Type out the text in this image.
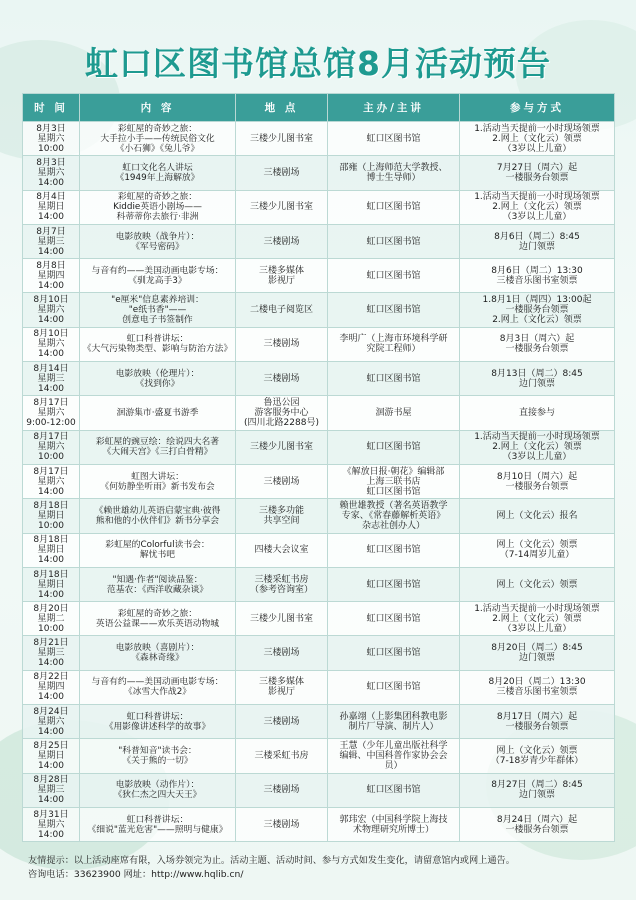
虹口区图书馆总馆8月活动预告
时 间	内 容	地 点	主办/主讲	参与方式
8月3日
星期六
10:00	彩虹屋的奇妙之旅：
大手拉小手——传统民俗文化
《小石狮》《兔儿爷》	三楼少儿图书室	虹口区图书馆	1.活动当天提前一小时现场领票
2.网上（文化云）领票
（3岁以上儿童）
8月3日
星期六
14:00	虹口文化名人讲坛
《1949年上海解放》	三楼剧场	邵雍（上海师范大学教授、
博士生导师）	7月27日（周六）起
一楼服务台领票
8月4日
星期日
14:00	彩虹屋的奇妙之旅：
Kiddie英语小剧场——
科蒂蒂你去旅行·非洲	三楼少儿图书室	虹口区图书馆	1.活动当天提前一小时现场领票
2.网上（文化云）领票
（3岁以上儿童）
8月7日
星期三
14:00	电影放映（战争片）：
《军号密码》	三楼剧场	虹口区图书馆	8月6日（周二）8:45
边门领票
8月8日
星期四
14:00	与音有约——美国动画电影专场：
《驯龙高手3》	三楼多媒体
影视厅	虹口区图书馆	8月6日（周二）13:30
三楼音乐图书室领票
8月10日
星期六
14:00	"e厘米"信息素养培训：
"e纸书香"——
创意电子书签制作	二楼电子阅览区	虹口区图书馆	1.8月1日（周四）13:00起
一楼服务台领票
2.网上（文化云）领票
8月10日
星期六
14:00	虹口科普讲坛：
《大气污染物类型、影响与防治方法》	三楼剧场	李明广（上海市环境科学研
究院工程师）	8月3日（周六）起
一楼服务台领票
8月14日
星期三
14:00	电影放映（伦理片）：
《找到你》	三楼剧场	虹口区图书馆	8月13日（周二）8:45
边门领票
8月17日
星期六
9:00-12:00	洄游集市·盛夏书游季	鲁迅公园
游客服务中心
(四川北路2288号)	洄游书屋	直接参与
8月17日
星期六
10:00	彩虹屋的豌豆绘：绘说四大名著
《大闹天宫》《三打白骨精》	三楼少儿图书室	虹口区图书馆	1.活动当天提前一小时现场领票
2.网上（文化云）领票
（3岁以上儿童）
8月17日
星期六
14:00	虹图大讲坛：
《何妨静坐听雨》新书发布会	三楼剧场	《解放日报·朝花》编辑部
上海三联书店
虹口区图书馆	8月10日（周六）起
一楼服务台领票
8月18日
星期日
10:00	《赖世雄幼儿英语启蒙宝典·彼得
熊和他的小伙伴们》新书分享会	三楼多功能
共享空间	赖世雄教授（著名英语教学
专家、《常春藤解析英语》
杂志社创办人）	网上（文化云）报名
8月18日
星期日
14:00	彩虹屋的Colorful读书会：
解忧书吧	四楼大会议室	虹口区图书馆	网上（文化云）领票
（7-14周岁儿童）
8月18日
星期日
14:00	"知遇·作者"阅读品鉴：
范基农：《西洋收藏杂谈》	三楼采虹书房
（参考咨询室）	虹口区图书馆	网上（文化云）领票
8月20日
星期二
10:00	彩虹屋的奇妙之旅：
英语公益课——欢乐英语动物城	三楼少儿图书室	虹口区图书馆	1.活动当天提前一小时现场领票
2.网上（文化云）领票
（3岁以上儿童）
8月21日
星期三
14:00	电影放映（喜剧片）：
《森林奇缘》	三楼剧场	虹口区图书馆	8月20日（周二）8:45
边门领票
8月22日
星期四
14:00	与音有约——美国动画电影专场：
《冰雪大作战2》	三楼多媒体
影视厅	虹口区图书馆	8月20日（周二）13:30
三楼音乐图书室领票
8月24日
星期六
14:00	虹口科普讲坛：
《用影像讲述科学的故事》	三楼剧场	孙嘉翊（上影集团科教电影
制片厂导演、制片人）	8月17日（周六）起
一楼服务台领票
8月25日
星期日
14:00	"科普知音"读书会：
《关于熊的一切》	三楼采虹书房	王慧（少年儿童出版社科学
编辑、中国科普作家协会会
员）	网上（文化云）领票
（7-18岁青少年群体）
8月28日
星期三
14:00	电影放映（动作片）：
《狄仁杰之四大天王》	三楼剧场	虹口区图书馆	8月27日（周二）8:45
边门领票
8月31日
星期六
14:00	虹口科普讲坛：
《细说"蓝光危害"——照明与健康》	三楼剧场	郭玮宏（中国科学院上海技
术物理研究所博士）	8月24日（周六）起
一楼服务台领票
友情提示：以上活动座席有限，入场券领完为止。活动主题、活动时间、参与方式如发生变化，请留意馆内或网上通告。
咨询电话：33623900 网址：http://www.hqlib.cn/
